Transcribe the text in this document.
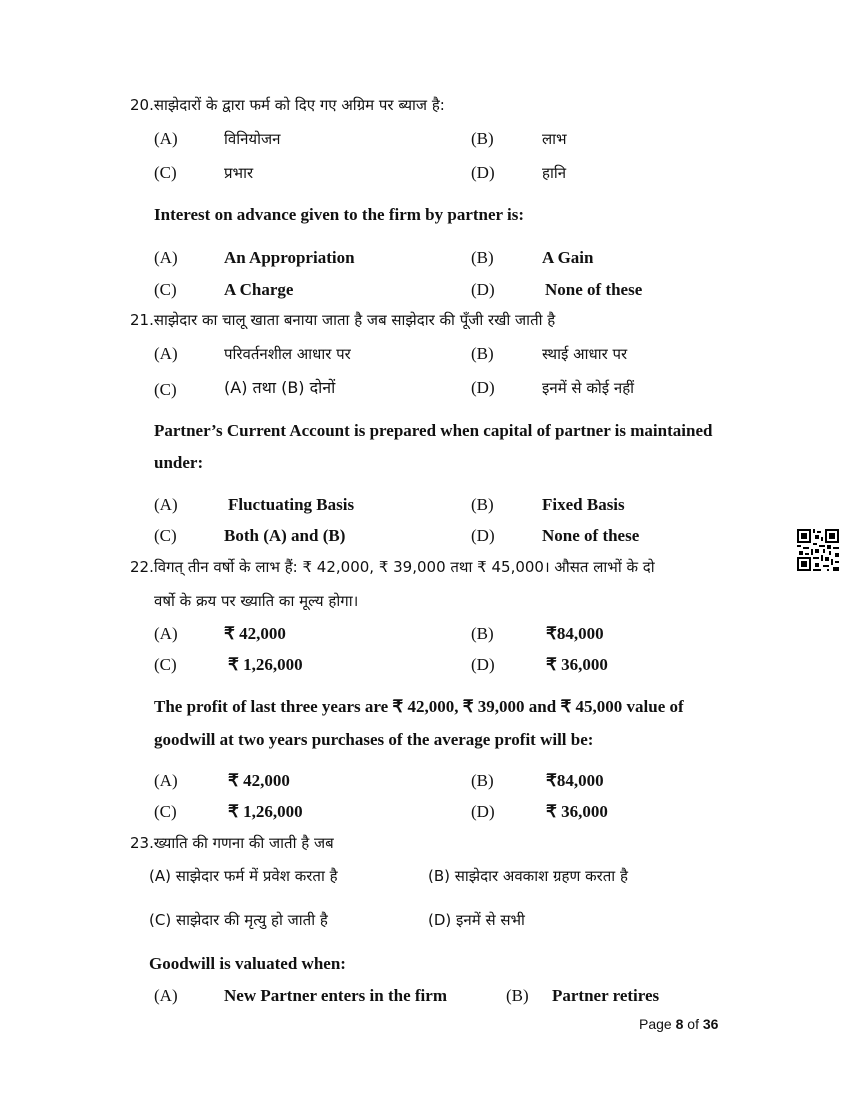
20.साझेदारों के द्वारा फर्म को दिए गए अग्रिम पर ब्याज है:
(A)	विनियोजन	(B)	लाभ
(C)	प्रभार	(D)	हानि
Interest on advance given to the firm by partner is:
(A)	An Appropriation	(B)	A Gain
(C)	A Charge	(D)	None of these
21.साझेदार का चालू खाता बनाया जाता है जब साझेदार की पूँजी रखी जाती है
(A)	परिवर्तनशील आधार पर	(B)	स्थाई आधार पर
(C)	(A) तथा (B) दोनों	(D)	इनमें से कोई नहीं
Partner’s Current Account is prepared when capital of partner is maintained
under:
(A)	Fluctuating Basis	(B)	Fixed Basis
(C)	Both (A) and (B)	(D)	None of these
22.विगत् तीन वर्षो के लाभ हैं: ₹ 42,000, ₹ 39,000 तथा ₹ 45,000। औसत लाभों के दो
वर्षो के क्रय पर ख्याति का मूल्य होगा।
(A)	₹ 42,000	(B)	₹84,000
(C)	₹ 1,26,000	(D)	₹ 36,000
The profit of last three years are ₹ 42,000, ₹ 39,000 and ₹ 45,000 value of
goodwill at two years purchases of the average profit will be:
(A)	₹ 42,000	(B)	₹84,000
(C)	₹ 1,26,000	(D)	₹ 36,000
23.ख्याति की गणना की जाती है जब
(A) साझेदार फर्म में प्रवेश करता है	(B) साझेदार अवकाश ग्रहण करता है
(C) साझेदार की मृत्यु हो जाती है	(D) इनमें से सभी
Goodwill is valuated when:
(A)	New Partner enters in the firm	(B) Partner retires
Page 8 of 36
